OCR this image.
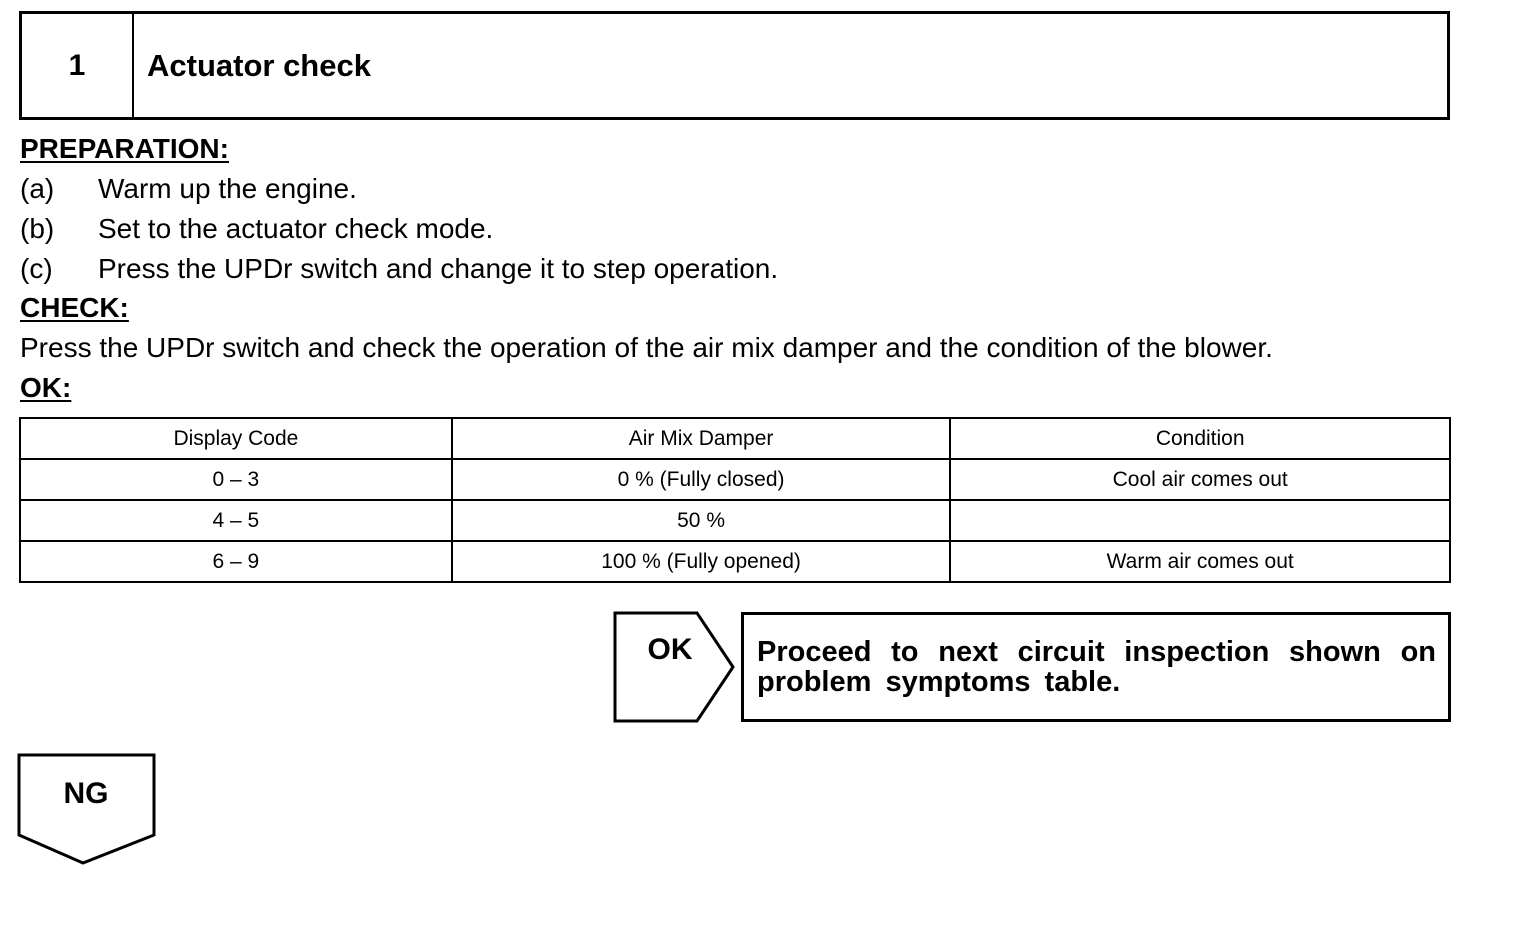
1	Actuator check
PREPARATION:
(a) Warm up the engine.
(b) Set to the actuator check mode.
(c) Press the UPDr switch and change it to step operation.
CHECK:
Press the UPDr switch and check the operation of the air mix damper and the condition of the blower.
OK:
Display Code	Air Mix Damper	Condition
0 – 3	0 % (Fully closed)	Cool air comes out
4 – 5	50 %	
6 – 9	100 % (Fully opened)	Warm air comes out
OK	Proceed to next circuit inspection shown on problem symptoms table.
NG
